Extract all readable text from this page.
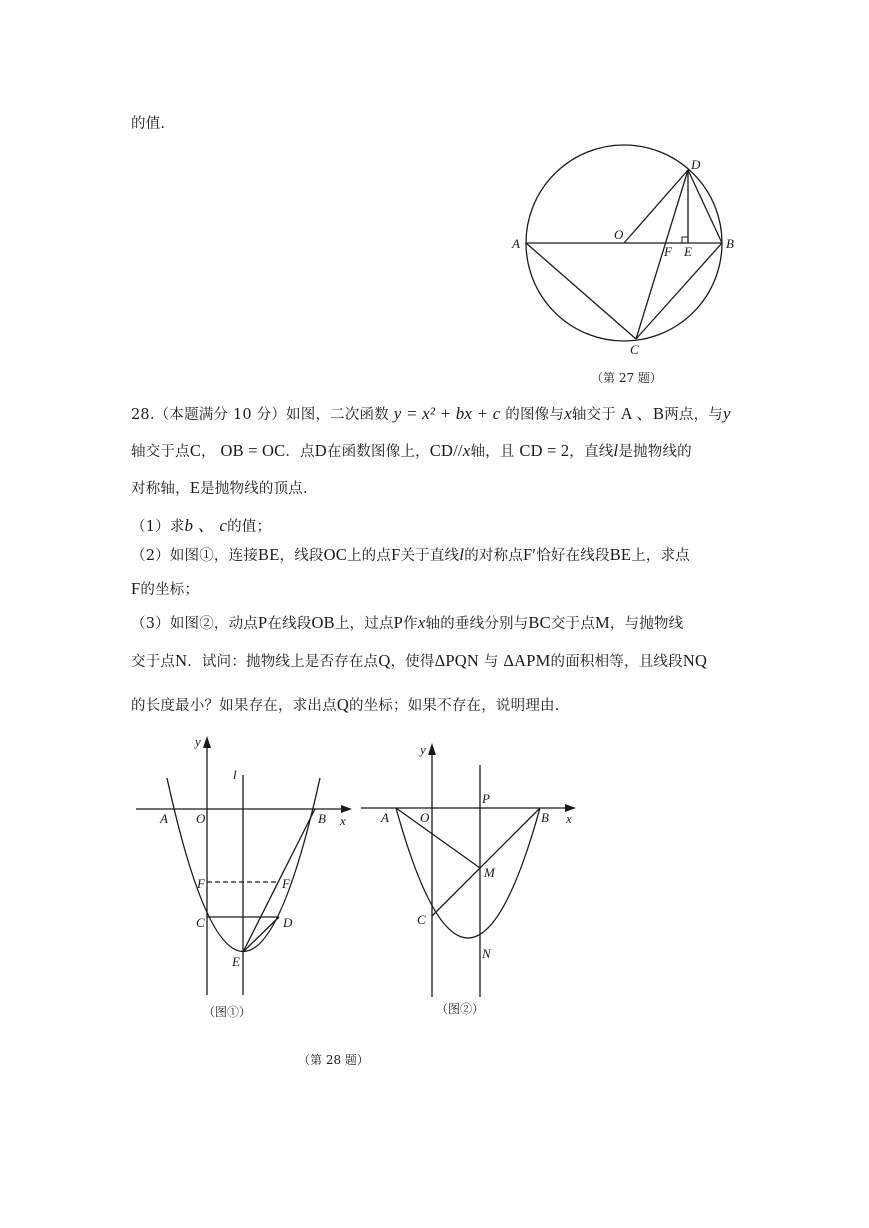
的值.
A	B
C
D
O
F E
（第 27 题）
28.（本题满分 10 分）如图，二次函数 y = x² + bx + c 的图像与x轴交于 A 、B两点，与y
轴交于点C， OB = OC．点D在函数图像上，CD//x轴，且 CD = 2，直线l是抛物线的
对称轴，E是抛物线的顶点.
（1）求b 、 c的值；
（2）如图①，连接BE，线段OC上的点F关于直线l的对称点F′恰好在线段BE上，求点
F的坐标；
（3）如图②，动点P在线段OB上，过点P作x轴的垂线分别与BC交于点M，与抛物线
交于点N．试问：抛物线上是否存在点Q，使得ΔPQN 与 ΔAPM的面积相等，且线段NQ
的长度最小？如果存在，求出点Q的坐标；如果不存在，说明理由.
y
x
l
A O	B
F	F′
C	D
E
（图①）
y
x
P
A O	B
M
C
N
（图②）
（第 28 题）
